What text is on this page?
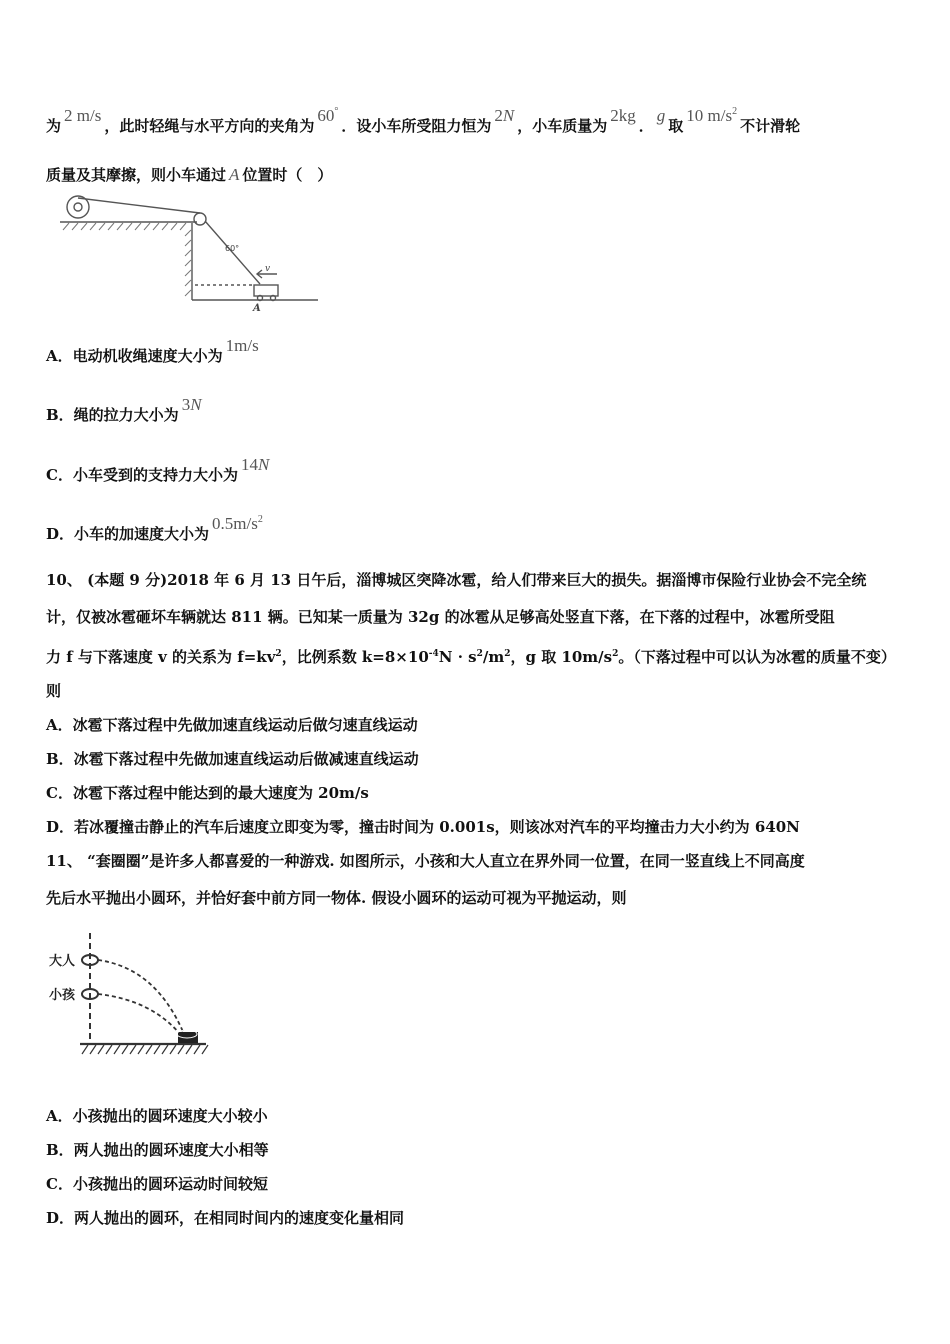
为2 m/s，此时轻绳与水平方向的夹角为60°．设小车所受阻力恒为2N，小车质量为2kg．g取10 $m/s^2$不计滑轮
质量及其摩擦，则小车通过 A 位置时（　）
60°
v
A
A．电动机收绳速度大小为1m/s
B．绳的拉力大小为3N
C．小车受到的支持力大小为14N
D．小车的加速度大小为$0.5m/s^2$
10、 (本题 9 分)2018 年 6 月 13 日午后，淄博城区突降冰雹，给人们带来巨大的损失。据淄博市保险行业协会不完全统
计，仅被冰雹砸坏车辆就达 811 辆。已知某一质量为 32g 的冰雹从足够高处竖直下落，在下落的过程中，冰雹所受阻
力 f 与下落速度 v 的关系为 $f=kv^2$，比例系数 $k=8\times 10^{-4}N \cdot s^2/m^2$，g 取 $10m/s^2$。（下落过程中可以认为冰雹的质量不变）
则
A．冰雹下落过程中先做加速直线运动后做匀速直线运动
B．冰雹下落过程中先做加速直线运动后做减速直线运动
C．冰雹下落过程中能达到的最大速度为 20m/s
D．若冰覆撞击静止的汽车后速度立即变为零，撞击时间为 0.001s，则该冰对汽车的平均撞击力大小约为 640N
11、 “套圈圈”是许多人都喜爱的一种游戏. 如图所示，小孩和大人直立在界外同一位置，在同一竖直线上不同高度
先后水平抛出小圆环，并恰好套中前方同一物体. 假设小圆环的运动可视为平抛运动，则
大人
小孩
A．小孩抛出的圆环速度大小较小
B．两人抛出的圆环速度大小相等
C．小孩抛出的圆环运动时间较短
D．两人抛出的圆环，在相同时间内的速度变化量相同
